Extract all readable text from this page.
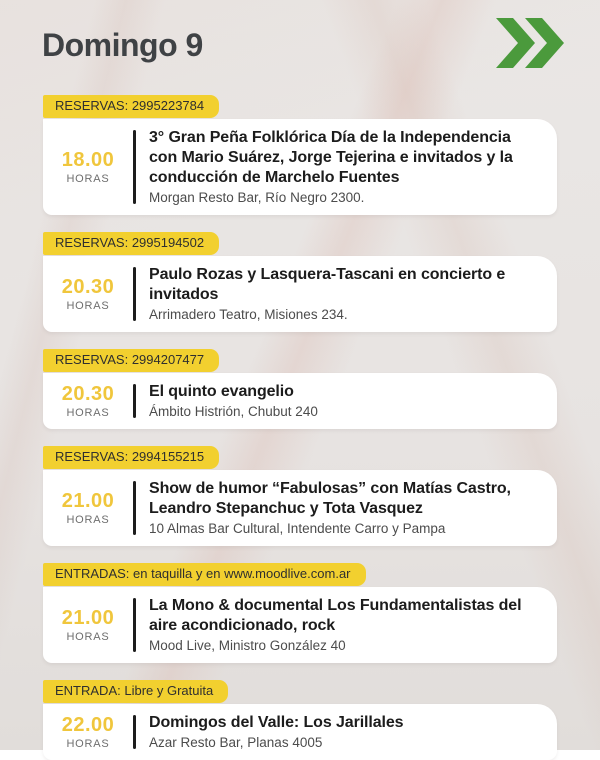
Domingo 9
RESERVAS: 2995223784
18.00
HORAS
3° Gran Peña Folklórica Día de la Independencia con Mario Suárez, Jorge Tejerina e invitados y la conducción de Marchelo Fuentes

Morgan Resto Bar, Río Negro 2300.

RESERVAS: 2995194502
20.30
HORAS
Paulo Rozas y Lasquera-Tascani en concierto e invitados

Arrimadero Teatro, Misiones 234.

RESERVAS: 2994207477
20.30
HORAS
El quinto evangelio

Ámbito Histrión, Chubut 240

RESERVAS: 2994155215
21.00
HORAS
Show de humor “Fabulosas” con Matías Castro, Leandro Stepanchuc y Tota Vasquez

10 Almas Bar Cultural, Intendente Carro y Pampa

ENTRADAS: en taquilla y en www.moodlive.com.ar
21.00
HORAS
La Mono & documental Los Fundamentalistas del aire acondicionado, rock

Mood Live, Ministro González 40

ENTRADA: Libre y Gratuita
22.00
HORAS
Domingos del Valle: Los Jarillales

Azar Resto Bar, Planas 4005
